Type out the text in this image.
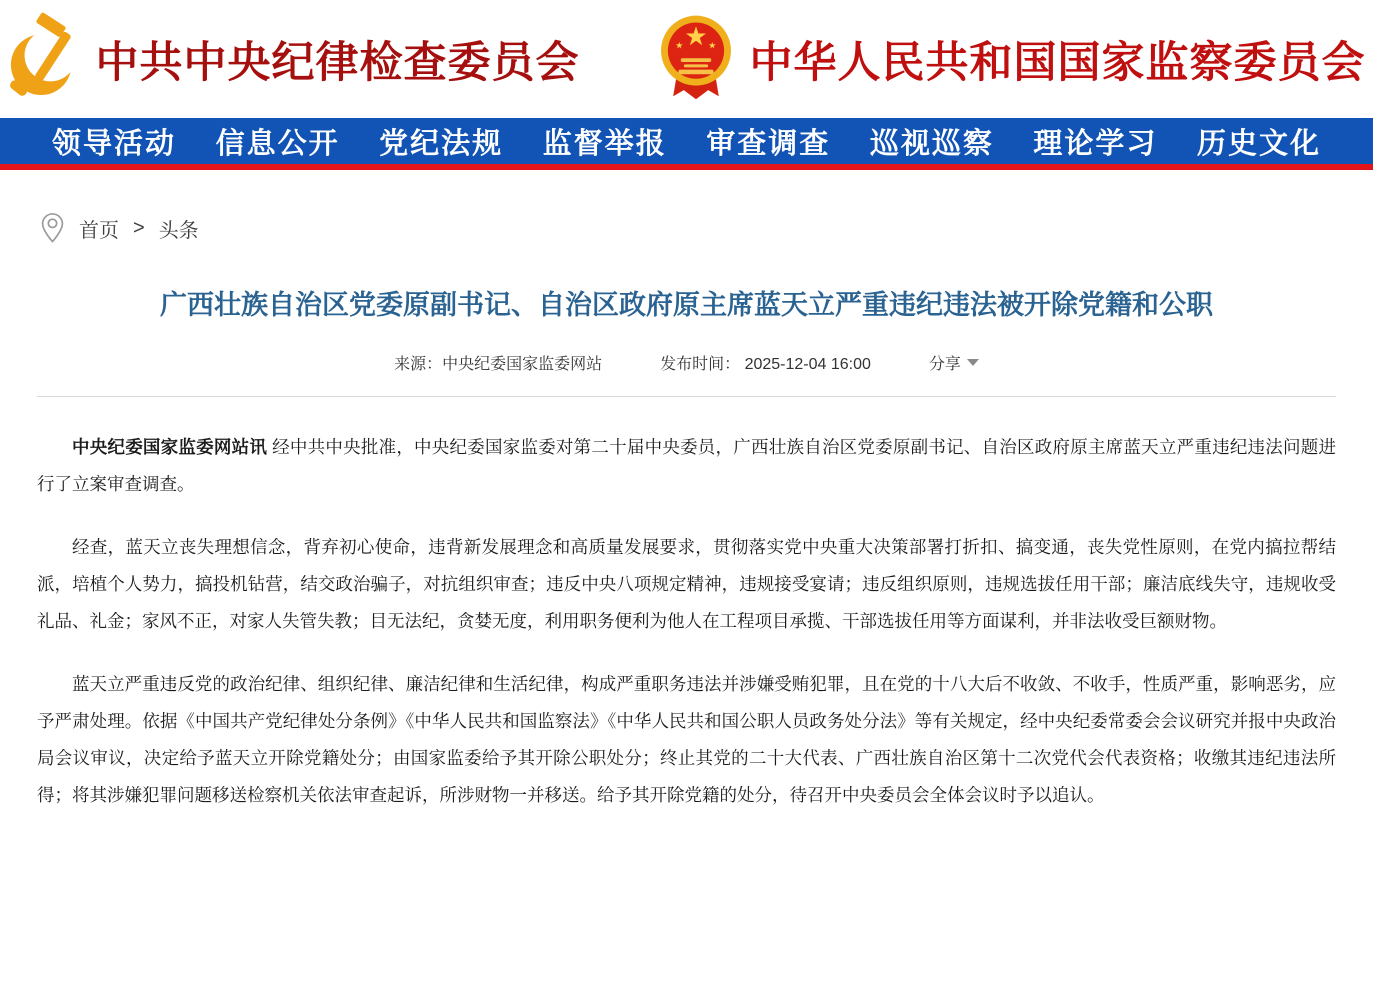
中共中央纪律检查委员会	中华人民共和国国家监察委员会
领导活动 信息公开 党纪法规 监督举报 审查调查 巡视巡察 理论学习 历史文化
首页 > 头条
广西壮族自治区党委原副书记、自治区政府原主席蓝天立严重违纪违法被开除党籍和公职
来源：中央纪委国家监委网站	发布时间： 2025-12-04 16:00	分享

中央纪委国家监委网站讯 经中共中央批准，中央纪委国家监委对第二十届中央委员，广西壮族自治区党委原副书记、自治区政府原主席蓝天立严重违纪违法问题进行了立案审查调查。

经查，蓝天立丧失理想信念，背弃初心使命，违背新发展理念和高质量发展要求，贯彻落实党中央重大决策部署打折扣、搞变通，丧失党性原则，在党内搞拉帮结派，培植个人势力，搞投机钻营，结交政治骗子，对抗组织审查；违反中央八项规定精神，违规接受宴请；违反组织原则，违规选拔任用干部；廉洁底线失守，违规收受礼品、礼金；家风不正，对家人失管失教；目无法纪，贪婪无度，利用职务便利为他人在工程项目承揽、干部选拔任用等方面谋利，并非法收受巨额财物。

蓝天立严重违反党的政治纪律、组织纪律、廉洁纪律和生活纪律，构成严重职务违法并涉嫌受贿犯罪，且在党的十八大后不收敛、不收手，性质严重，影响恶劣，应予严肃处理。依据《中国共产党纪律处分条例》《中华人民共和国监察法》《中华人民共和国公职人员政务处分法》等有关规定，经中央纪委常委会会议研究并报中央政治局会议审议，决定给予蓝天立开除党籍处分；由国家监委给予其开除公职处分；终止其党的二十大代表、广西壮族自治区第十二次党代会代表资格；收缴其违纪违法所得；将其涉嫌犯罪问题移送检察机关依法审查起诉，所涉财物一并移送。给予其开除党籍的处分，待召开中央委员会全体会议时予以追认。
